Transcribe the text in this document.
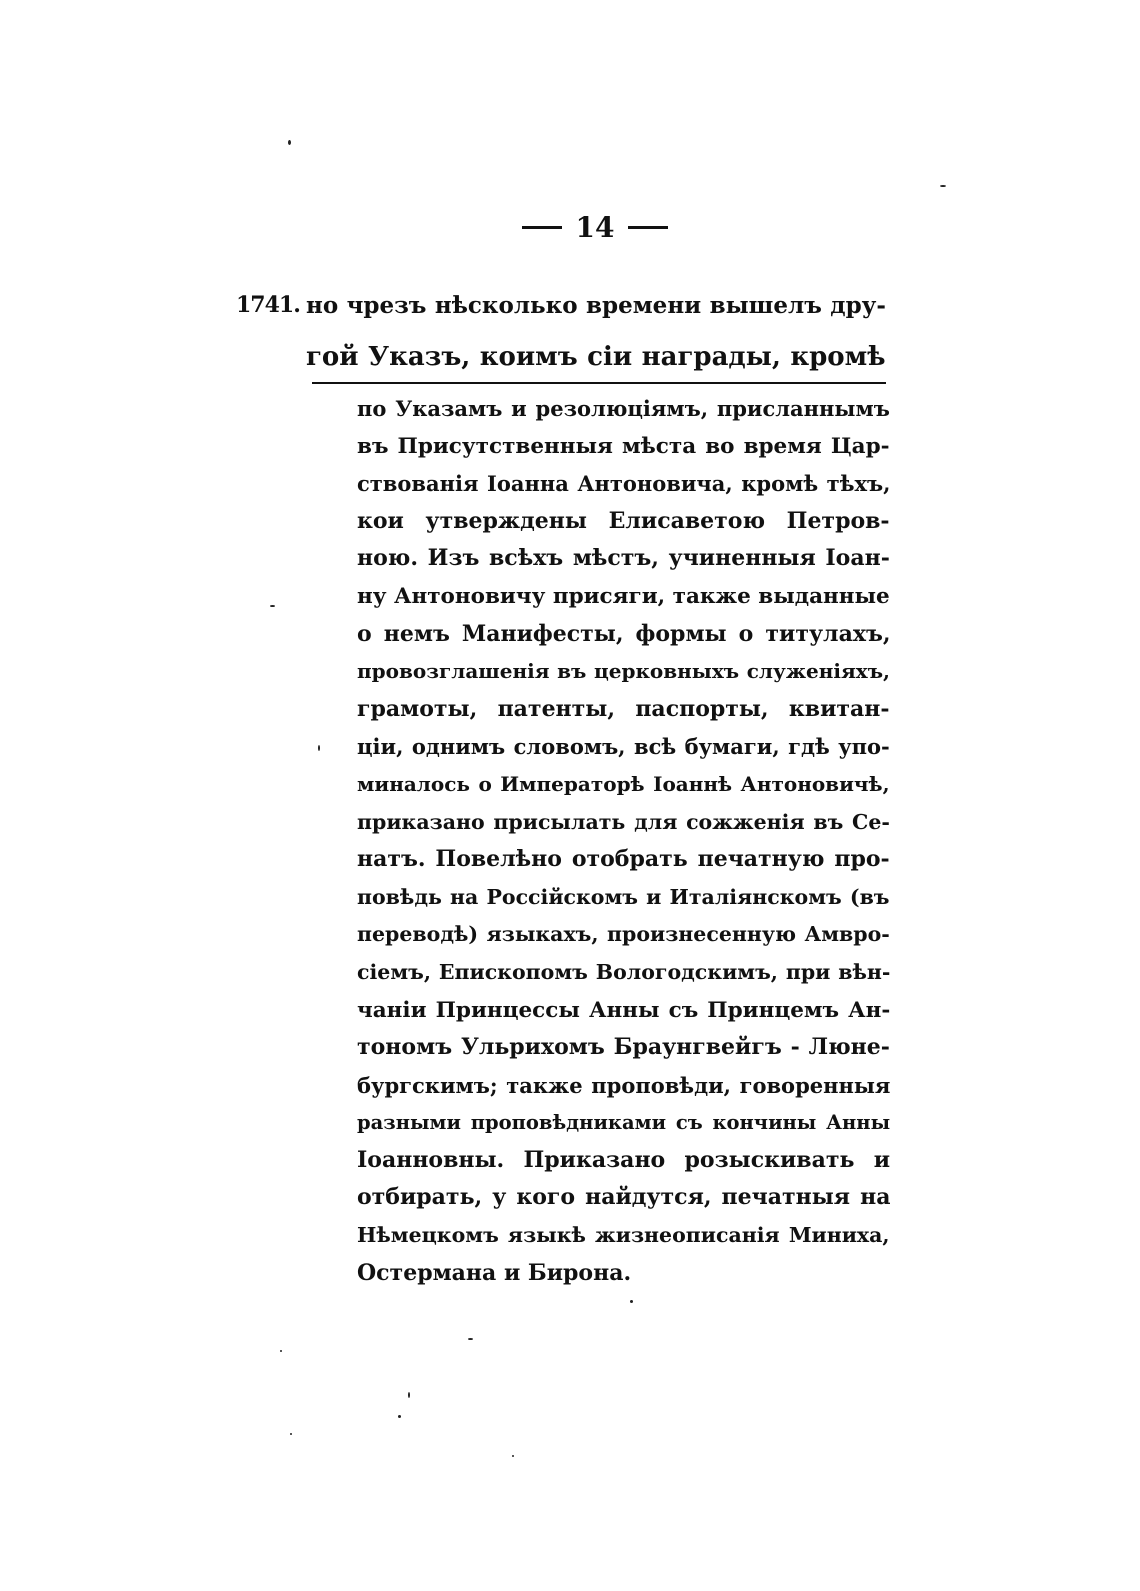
14
1741. но чрезъ нѣсколько времени вышелъ дру-
гой Указъ, коимъ сіи награды, кромѣ
по Указамъ и резолюціямъ, присланнымъ
въ Присутственныя мѣста во время Цар-
ствованія Іоанна Антоновича, кромѣ тѣхъ,
кои утверждены Елисаветою Петров-
ною. Изъ всѣхъ мѣстъ, учиненныя Іоан-
ну Антоновичу присяги, также выданные
о немъ Манифесты, формы о титулахъ,
провозглашенія въ церковныхъ служеніяхъ,
грамоты, патенты, паспорты, квитан-
ціи, однимъ словомъ, всѣ бумаги, гдѣ упо-
миналось о Императорѣ Іоаннѣ Антоновичѣ,
приказано присылать для сожженія въ Се-
натъ. Повелѣно отобрать печатную про-
повѣдь на Россійскомъ и Италіянскомъ (въ
переводѣ) языкахъ, произнесенную Амвро-
сіемъ, Епископомъ Вологодскимъ, при вѣн-
чаніи Принцессы Анны съ Принцемъ Ан-
тономъ Ульрихомъ Браунгвейгъ - Люне-
бургскимъ; также проповѣди, говоренныя
разными проповѣдниками съ кончины Анны
Іоанновны. Приказано розыскивать и
отбирать, у кого найдутся, печатныя на
Нѣмецкомъ языкѣ жизнеописанія Миниха,
Остермана и Бирона.
